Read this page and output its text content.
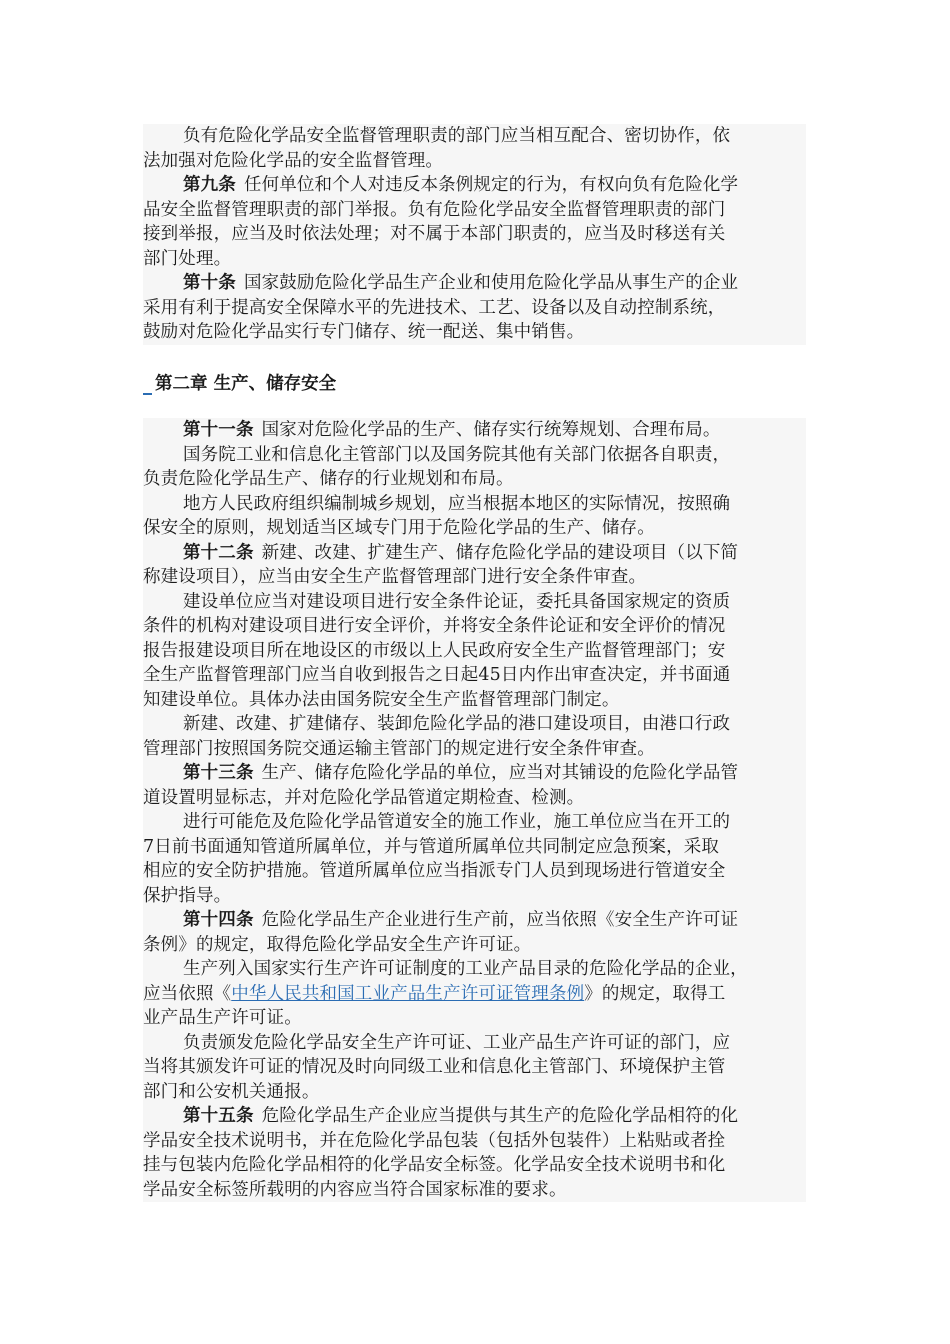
负有危险化学品安全监督管理职责的部门应当相互配合、密切协作，依
法加强对危险化学品的安全监督管理。
第九条 任何单位和个人对违反本条例规定的行为，有权向负有危险化学
品安全监督管理职责的部门举报。负有危险化学品安全监督管理职责的部门
接到举报，应当及时依法处理；对不属于本部门职责的，应当及时移送有关
部门处理。
第十条 国家鼓励危险化学品生产企业和使用危险化学品从事生产的企业
采用有利于提高安全保障水平的先进技术、工艺、设备以及自动控制系统，
鼓励对危险化学品实行专门储存、统一配送、集中销售。
第二章 生产、储存安全
第十一条 国家对危险化学品的生产、储存实行统筹规划、合理布局。
国务院工业和信息化主管部门以及国务院其他有关部门依据各自职责，
负责危险化学品生产、储存的行业规划和布局。
地方人民政府组织编制城乡规划，应当根据本地区的实际情况，按照确
保安全的原则，规划适当区域专门用于危险化学品的生产、储存。
第十二条 新建、改建、扩建生产、储存危险化学品的建设项目（以下简
称建设项目），应当由安全生产监督管理部门进行安全条件审查。
建设单位应当对建设项目进行安全条件论证，委托具备国家规定的资质
条件的机构对建设项目进行安全评价，并将安全条件论证和安全评价的情况
报告报建设项目所在地设区的市级以上人民政府安全生产监督管理部门；安
全生产监督管理部门应当自收到报告之日起45日内作出审查决定，并书面通
知建设单位。具体办法由国务院安全生产监督管理部门制定。
新建、改建、扩建储存、装卸危险化学品的港口建设项目，由港口行政
管理部门按照国务院交通运输主管部门的规定进行安全条件审查。
第十三条 生产、储存危险化学品的单位，应当对其铺设的危险化学品管
道设置明显标志，并对危险化学品管道定期检查、检测。
进行可能危及危险化学品管道安全的施工作业，施工单位应当在开工的
7日前书面通知管道所属单位，并与管道所属单位共同制定应急预案，采取
相应的安全防护措施。管道所属单位应当指派专门人员到现场进行管道安全
保护指导。
第十四条 危险化学品生产企业进行生产前，应当依照《安全生产许可证
条例》的规定，取得危险化学品安全生产许可证。
生产列入国家实行生产许可证制度的工业产品目录的危险化学品的企业，
应当依照《中华人民共和国工业产品生产许可证管理条例》的规定，取得工
业产品生产许可证。
负责颁发危险化学品安全生产许可证、工业产品生产许可证的部门，应
当将其颁发许可证的情况及时向同级工业和信息化主管部门、环境保护主管
部门和公安机关通报。
第十五条 危险化学品生产企业应当提供与其生产的危险化学品相符的化
学品安全技术说明书，并在危险化学品包装（包括外包装件）上粘贴或者拴
挂与包装内危险化学品相符的化学品安全标签。化学品安全技术说明书和化
学品安全标签所载明的内容应当符合国家标准的要求。
